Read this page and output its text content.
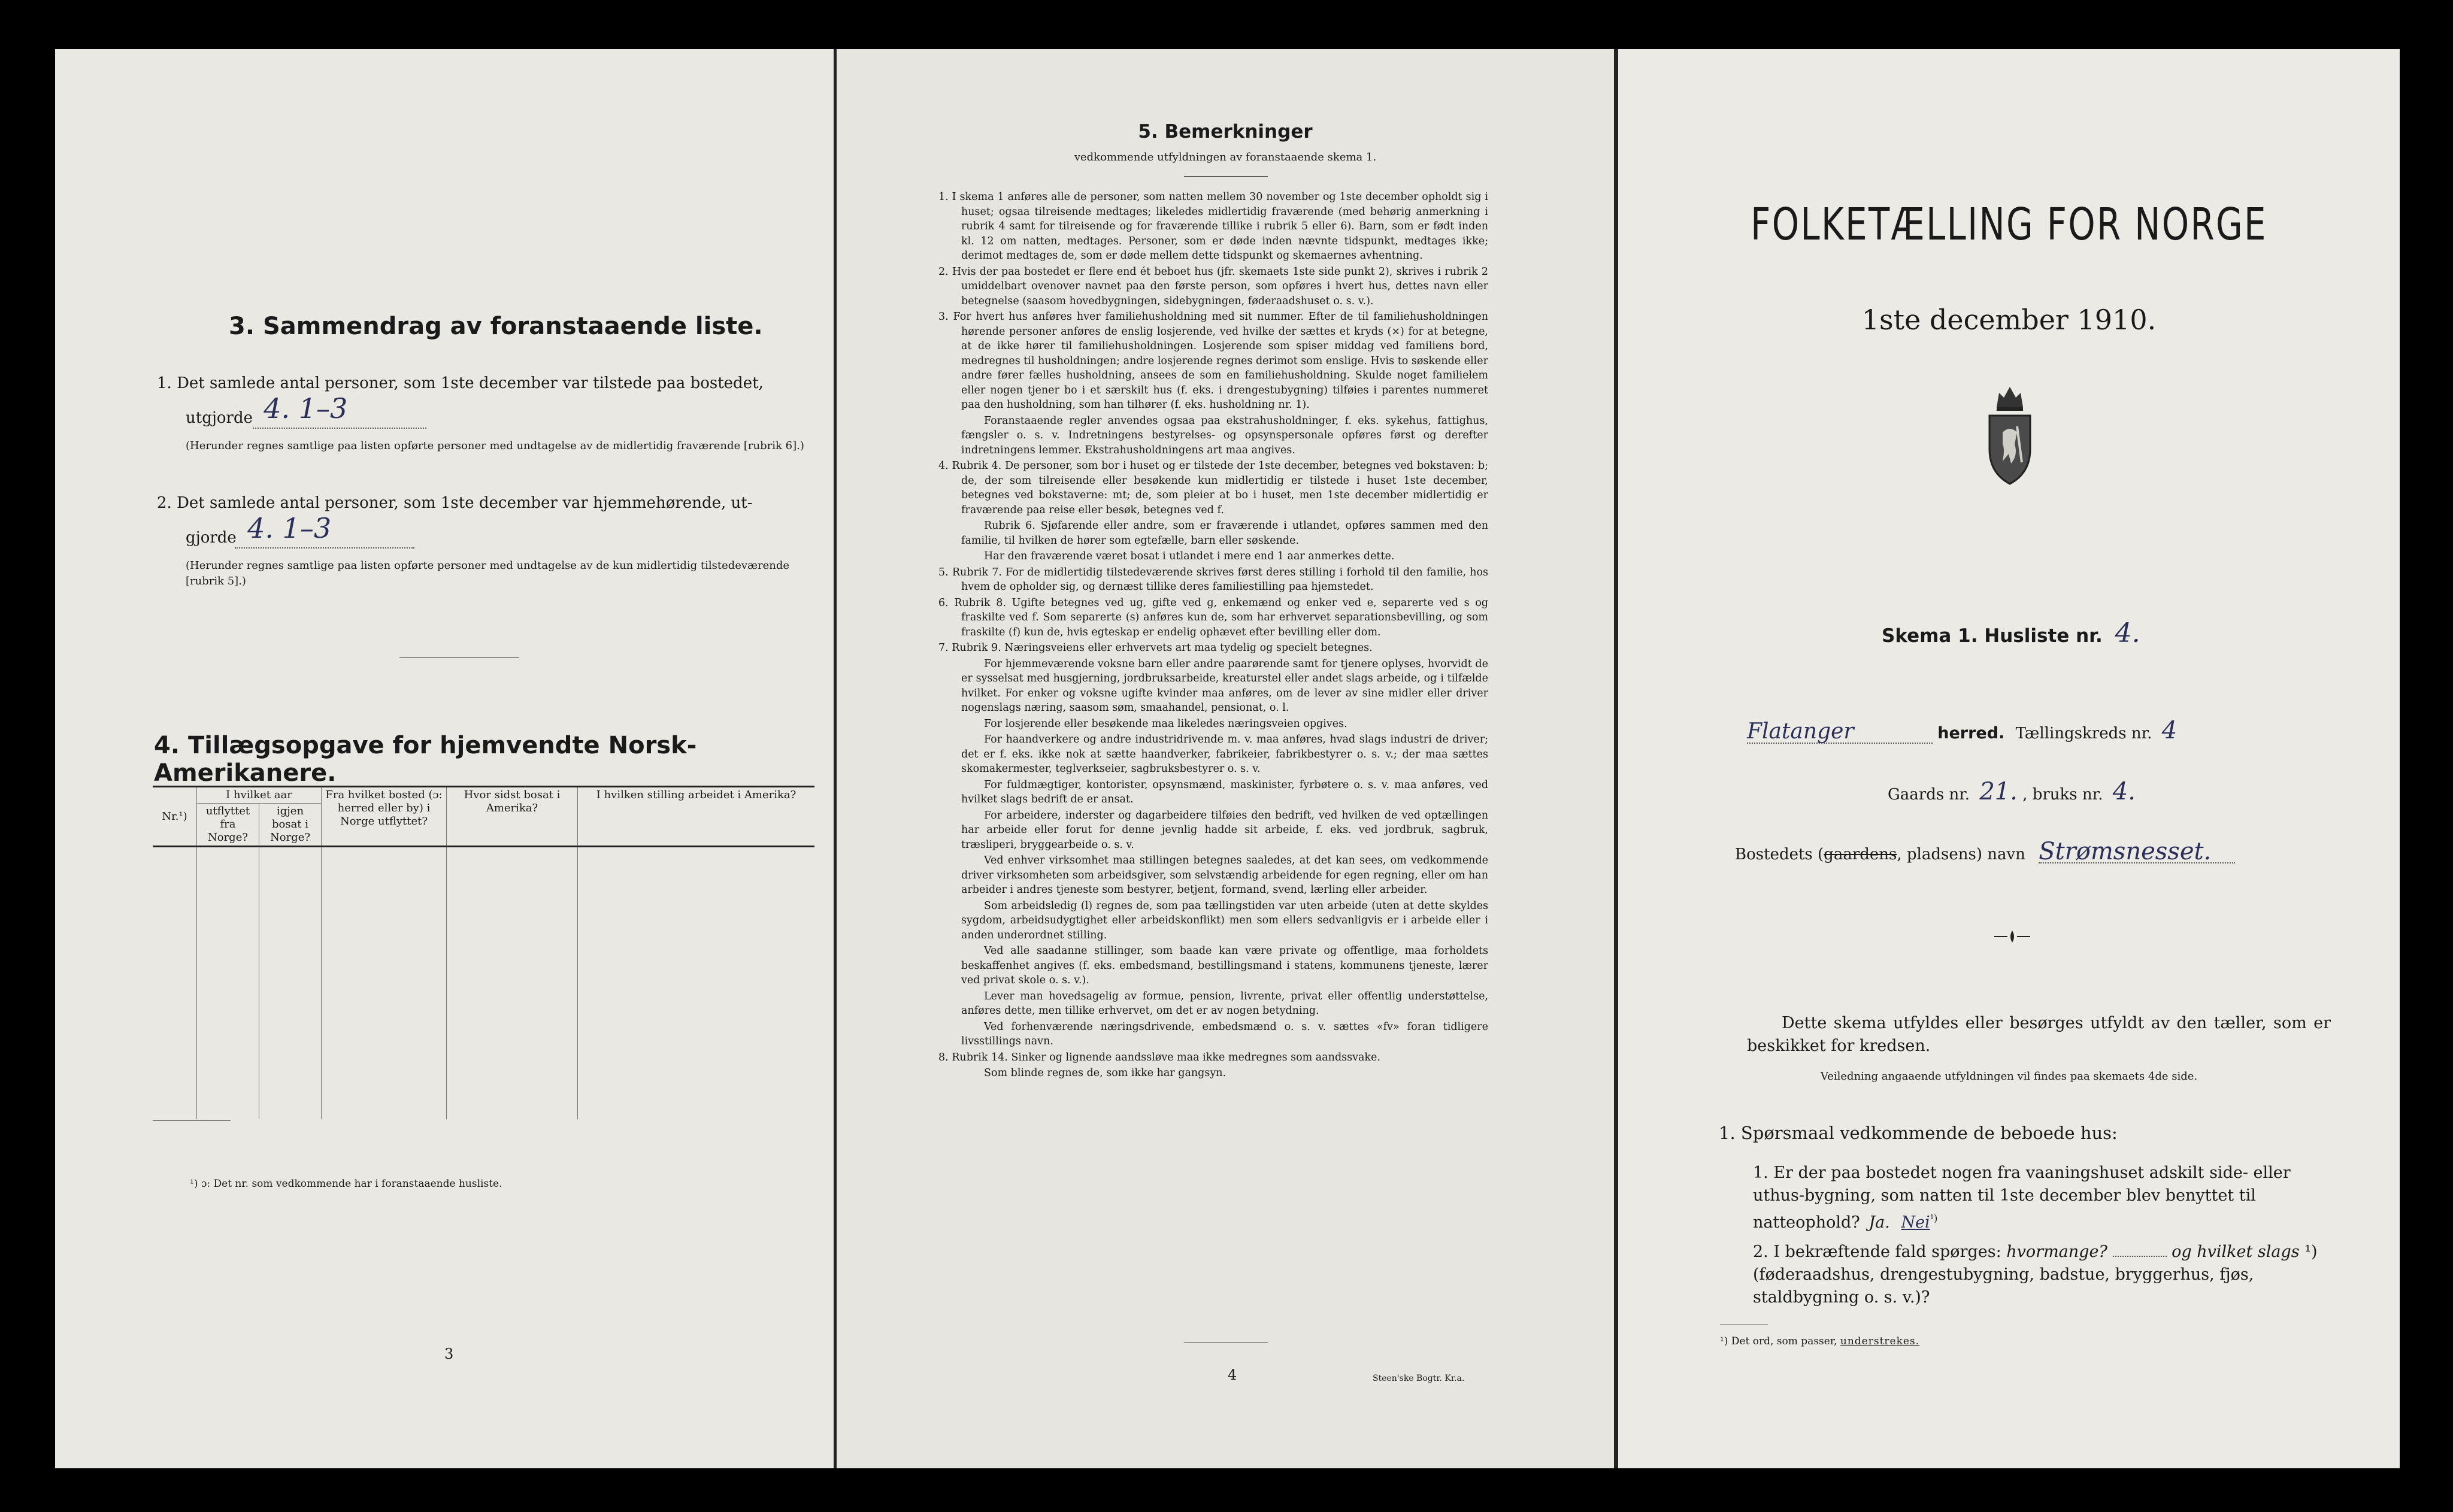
3. Sammendrag av foranstaaende liste.
1. Det samlede antal personer, som 1ste december var tilstede paa bostedet,
utgjorde 4. 1–3
(Herunder regnes samtlige paa listen opførte personer med undtagelse av de midlertidig fraværende [rubrik 6].)
2. Det samlede antal personer, som 1ste december var hjemmehørende, ut-
gjorde 4. 1–3
(Herunder regnes samtlige paa listen opførte personer med undtagelse av de kun midlertidig tilstedeværende [rubrik 5].)
4. Tillægsopgave for hjemvendte Norsk-Amerikanere.
Nr.¹)	I hvilket aar		Fra hvilket bosted (ɔ: herred eller by) i Norge utflyttet?	Hvor sidst bosat i Amerika?	I hvilken stilling arbeidet i Amerika?
	utflyttet fra Norge?	igjen bosat i Norge?			

¹) ɔ: Det nr. som vedkommende har i foranstaaende husliste.
3
5. Bemerkninger
vedkommende utfyldningen av foranstaaende skema 1.

1. I skema 1 anføres alle de personer, som natten mellem 30 november og 1ste december opholdt sig i huset; ogsaa tilreisende medtages; likeledes midlertidig fraværende (med behørig anmerkning i rubrik 4 samt for tilreisende og for fraværende tillike i rubrik 5 eller 6). Barn, som er født inden kl. 12 om natten, medtages. Personer, som er døde inden nævnte tidspunkt, medtages ikke; derimot medtages de, som er døde mellem dette tidspunkt og skemaernes avhentning.

2. Hvis der paa bostedet er flere end ét beboet hus (jfr. skemaets 1ste side punkt 2), skrives i rubrik 2 umiddelbart ovenover navnet paa den første person, som opføres i hvert hus, dettes navn eller betegnelse (saasom hovedbygningen, sidebygningen, føderaadshuset o. s. v.).

3. For hvert hus anføres hver familiehusholdning med sit nummer. Efter de til familiehusholdningen hørende personer anføres de enslig losjerende, ved hvilke der sættes et kryds (×) for at betegne, at de ikke hører til familiehusholdningen. Losjerende som spiser middag ved familiens bord, medregnes til husholdningen; andre losjerende regnes derimot som enslige. Hvis to søskende eller andre fører fælles husholdning, ansees de som en familiehusholdning. Skulde noget familielem eller nogen tjener bo i et særskilt hus (f. eks. i drengestubygning) tilføies i parentes nummeret paa den husholdning, som han tilhører (f. eks. husholdning nr. 1).

Foranstaaende regler anvendes ogsaa paa ekstrahusholdninger, f. eks. sykehus, fattighus, fængsler o. s. v. Indretningens bestyrelses- og opsynspersonale opføres først og derefter indretningens lemmer. Ekstrahusholdningens art maa angives.

4. Rubrik 4. De personer, som bor i huset og er tilstede der 1ste december, betegnes ved bokstaven: b; de, der som tilreisende eller besøkende kun midlertidig er tilstede i huset 1ste december, betegnes ved bokstaverne: mt; de, som pleier at bo i huset, men 1ste december midlertidig er fraværende paa reise eller besøk, betegnes ved f.

Rubrik 6. Sjøfarende eller andre, som er fraværende i utlandet, opføres sammen med den familie, til hvilken de hører som egtefælle, barn eller søskende.

Har den fraværende været bosat i utlandet i mere end 1 aar anmerkes dette.

5. Rubrik 7. For de midlertidig tilstedeværende skrives først deres stilling i forhold til den familie, hos hvem de opholder sig, og dernæst tillike deres familiestilling paa hjemstedet.

6. Rubrik 8. Ugifte betegnes ved ug, gifte ved g, enkemænd og enker ved e, separerte ved s og fraskilte ved f. Som separerte (s) anføres kun de, som har erhvervet separationsbevilling, og som fraskilte (f) kun de, hvis egteskap er endelig ophævet efter bevilling eller dom.

7. Rubrik 9. Næringsveiens eller erhvervets art maa tydelig og specielt betegnes.

For hjemmeværende voksne barn eller andre paarørende samt for tjenere oplyses, hvorvidt de er sysselsat med husgjerning, jordbruksarbeide, kreaturstel eller andet slags arbeide, og i tilfælde hvilket. For enker og voksne ugifte kvinder maa anføres, om de lever av sine midler eller driver nogenslags næring, saasom søm, smaahandel, pensionat, o. l.

For losjerende eller besøkende maa likeledes næringsveien opgives.

For haandverkere og andre industridrivende m. v. maa anføres, hvad slags industri de driver; det er f. eks. ikke nok at sætte haandverker, fabrikeier, fabrikbestyrer o. s. v.; der maa sættes skomakermester, teglverkseier, sagbruksbestyrer o. s. v.

For fuldmægtiger, kontorister, opsynsmænd, maskinister, fyrbøtere o. s. v. maa anføres, ved hvilket slags bedrift de er ansat.

For arbeidere, inderster og dagarbeidere tilføies den bedrift, ved hvilken de ved optællingen har arbeide eller forut for denne jevnlig hadde sit arbeide, f. eks. ved jordbruk, sagbruk, træsliperi, bryggearbeide o. s. v.

Ved enhver virksomhet maa stillingen betegnes saaledes, at det kan sees, om vedkommende driver virksomheten som arbeidsgiver, som selvstændig arbeidende for egen regning, eller om han arbeider i andres tjeneste som bestyrer, betjent, formand, svend, lærling eller arbeider.

Som arbeidsledig (l) regnes de, som paa tællingstiden var uten arbeide (uten at dette skyldes sygdom, arbeidsudygtighet eller arbeidskonflikt) men som ellers sedvanligvis er i arbeide eller i anden underordnet stilling.

Ved alle saadanne stillinger, som baade kan være private og offentlige, maa forholdets beskaffenhet angives (f. eks. embedsmand, bestillingsmand i statens, kommunens tjeneste, lærer ved privat skole o. s. v.).

Lever man hovedsagelig av formue, pension, livrente, privat eller offentlig understøttelse, anføres dette, men tillike erhvervet, om det er av nogen betydning.

Ved forhenværende næringsdrivende, embedsmænd o. s. v. sættes «fv» foran tidligere livsstillings navn.

8. Rubrik 14. Sinker og lignende aandssløve maa ikke medregnes som aandssvake.

Som blinde regnes de, som ikke har gangsyn.

4	Steen'ske Bogtr. Kr.a.
FOLKETÆLLING FOR NORGE
1ste december 1910.
Skema 1. Husliste nr. 4.
Flatanger	herred. Tællingskreds nr. 4
Gaards nr. 21. , bruks nr. 4.
Bostedets (gaardens, pladsens) navn Strømsnesset.
Dette skema utfyldes eller besørges utfyldt av den tæller, som er beskikket for kredsen.
Veiledning angaaende utfyldningen vil findes paa skemaets 4de side.
1. Spørsmaal vedkommende de beboede hus:
1. Er der paa bostedet nogen fra vaaningshuset adskilt side- eller uthus-bygning, som natten til 1ste december blev benyttet til natteophold? Ja. Nei$^{^1)}$
2. I bekræftende fald spørges: hvormange?	og hvilket slags ¹) (føderaadshus, drengestubygning, badstue, bryggerhus, fjøs, staldbygning o. s. v.)?
¹) Det ord, som passer, understrekes.
